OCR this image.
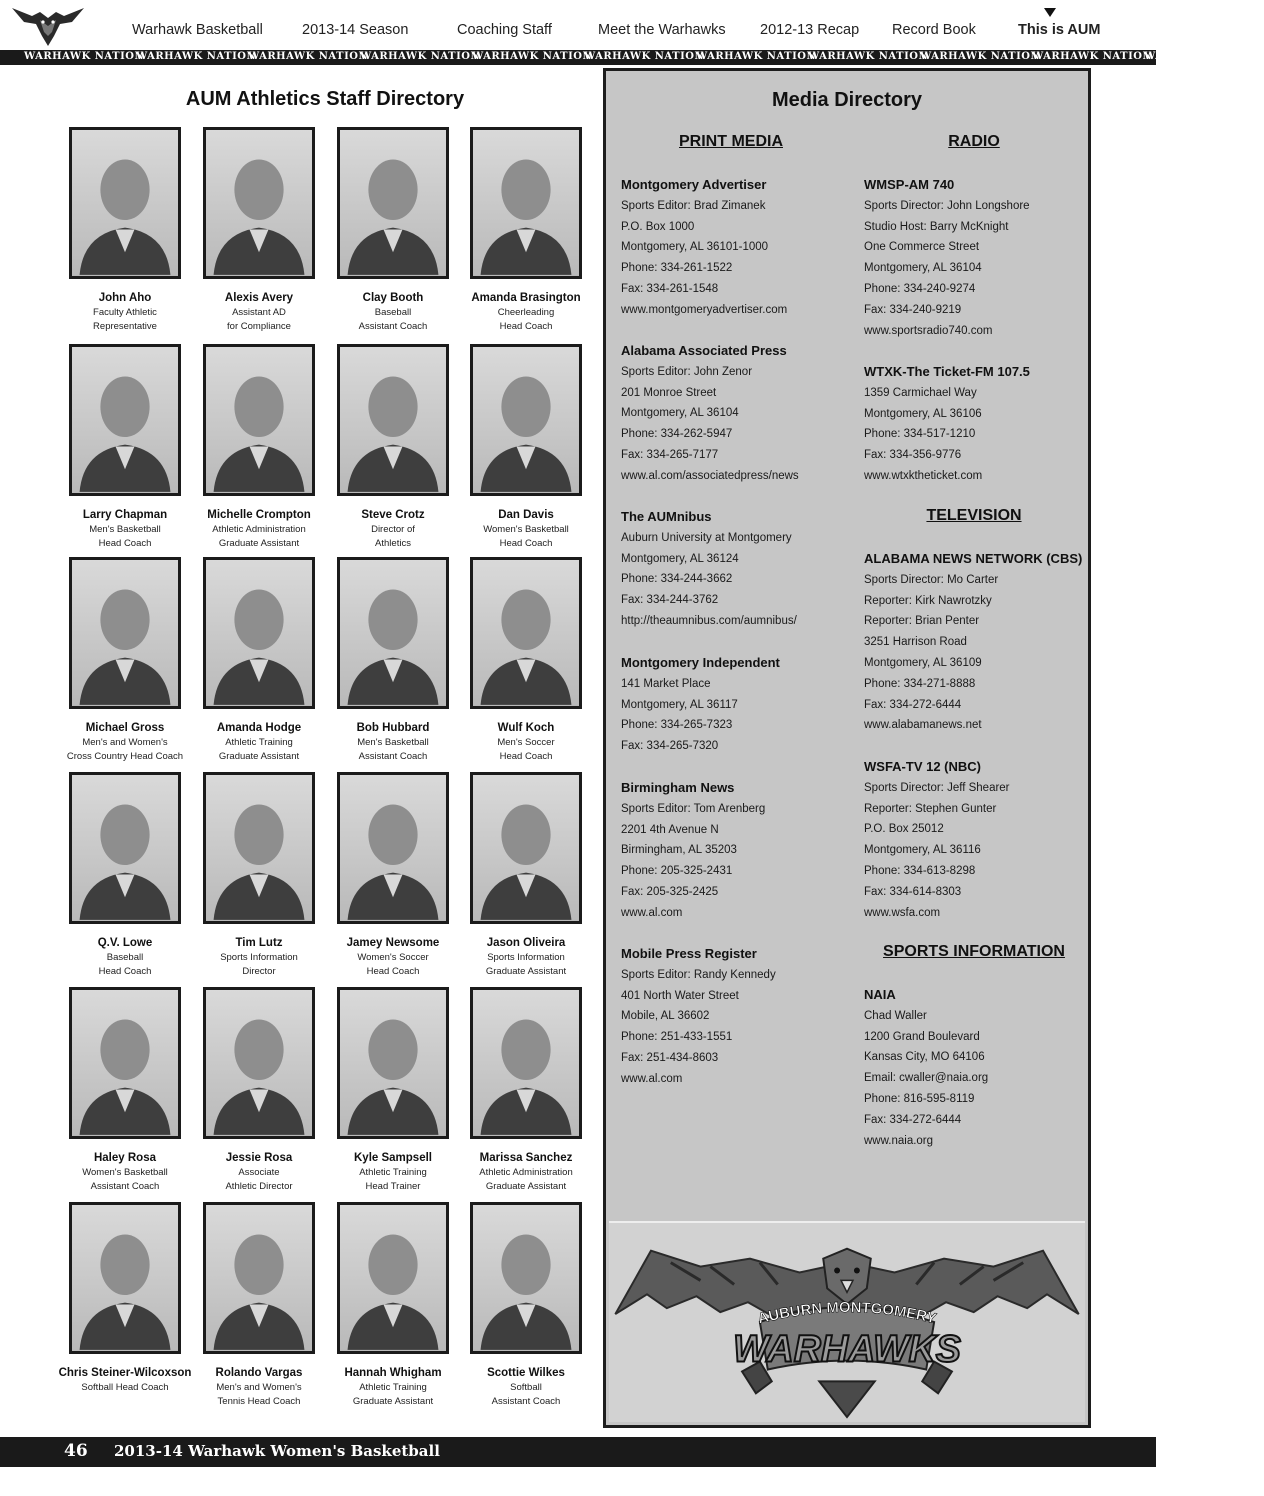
Warhawk Basketball	2013-14 Season	Coaching Staff	Meet the Warhawks 2012-13 Recap Record Book	This is AUM
WARHAWK NATION
WARHAWK NATION
WARHAWK NATION
WARHAWK NATION
WARHAWK NATION
WARHAWK NATION
WARHAWK NATION
WARHAWK NATION
WARHAWK NATION
WARHAWK NATION
WARHAWK NATION
AUM Athletics Staff Directory
John Aho
Faculty Athletic
Representative
Alexis Avery
Assistant AD
for Compliance
Clay Booth
Baseball
Assistant Coach
Amanda Brasington
Cheerleading
Head Coach
Larry Chapman
Men's Basketball
Head Coach
Michelle Crompton
Athletic Administration
Graduate Assistant
Steve Crotz
Director of
Athletics
Dan Davis
Women's Basketball
Head Coach
Michael Gross
Men's and Women's
Cross Country Head Coach
Amanda Hodge
Athletic Training
Graduate Assistant
Bob Hubbard
Men's Basketball
Assistant Coach
Wulf Koch
Men's Soccer
Head Coach
Q.V. Lowe
Baseball
Head Coach
Tim Lutz
Sports Information
Director
Jamey Newsome
Women's Soccer
Head Coach
Jason Oliveira
Sports Information
Graduate Assistant
Haley Rosa
Women's Basketball
Assistant Coach
Jessie Rosa
Associate
Athletic Director
Kyle Sampsell
Athletic Training
Head Trainer
Marissa Sanchez
Athletic Administration
Graduate Assistant
Chris Steiner-Wilcoxson
Softball Head Coach
Rolando Vargas
Men's and Women's
Tennis Head Coach
Hannah Whigham
Athletic Training
Graduate Assistant
Scottie Wilkes
Softball
Assistant Coach
Media Directory
PRINT MEDIA	RADIO
TELEVISION
SPORTS INFORMATION
Montgomery Advertiser
Sports Editor: Brad Zimanek
P.O. Box 1000
Montgomery, AL 36101-1000
Phone: 334-261-1522
Fax: 334-261-1548
www.montgomeryadvertiser.com
Alabama Associated Press
Sports Editor: John Zenor
201 Monroe Street
Montgomery, AL 36104
Phone: 334-262-5947
Fax: 334-265-7177
www.al.com/associatedpress/news
The AUMnibus
Auburn University at Montgomery
Montgomery, AL 36124
Phone: 334-244-3662
Fax: 334-244-3762
http://theaumnibus.com/aumnibus/
Montgomery Independent
141 Market Place
Montgomery, AL 36117
Phone: 334-265-7323
Fax: 334-265-7320
Birmingham News
Sports Editor: Tom Arenberg
2201 4th Avenue N
Birmingham, AL 35203
Phone: 205-325-2431
Fax: 205-325-2425
www.al.com
Mobile Press Register
Sports Editor: Randy Kennedy
401 North Water Street
Mobile, AL 36602
Phone: 251-433-1551
Fax: 251-434-8603
www.al.com
WMSP-AM 740
Sports Director: John Longshore
Studio Host: Barry McKnight
One Commerce Street
Montgomery, AL 36104
Phone: 334-240-9274
Fax: 334-240-9219
www.sportsradio740.com
WTXK-The Ticket-FM 107.5
1359 Carmichael Way
Montgomery, AL 36106
Phone: 334-517-1210
Fax: 334-356-9776
www.wtxktheticket.com
ALABAMA NEWS NETWORK (CBS)
Sports Director: Mo Carter
Reporter: Kirk Nawrotzky
Reporter: Brian Penter
3251 Harrison Road
Montgomery, AL 36109
Phone: 334-271-8888
Fax: 334-272-6444
www.alabamanews.net
WSFA-TV 12 (NBC)
Sports Director: Jeff Shearer
Reporter: Stephen Gunter
P.O. Box 25012
Montgomery, AL 36116
Phone: 334-613-8298
Fax: 334-614-8303
www.wsfa.com
NAIA
Chad Waller
1200 Grand Boulevard
Kansas City, MO 64106
Email: cwaller@naia.org
Phone: 816-595-8119
Fax: 334-272-6444
www.naia.org
AUBURN MONTGOMERY
WARHAWKS
46 2013-14 Warhawk Women's Basketball
